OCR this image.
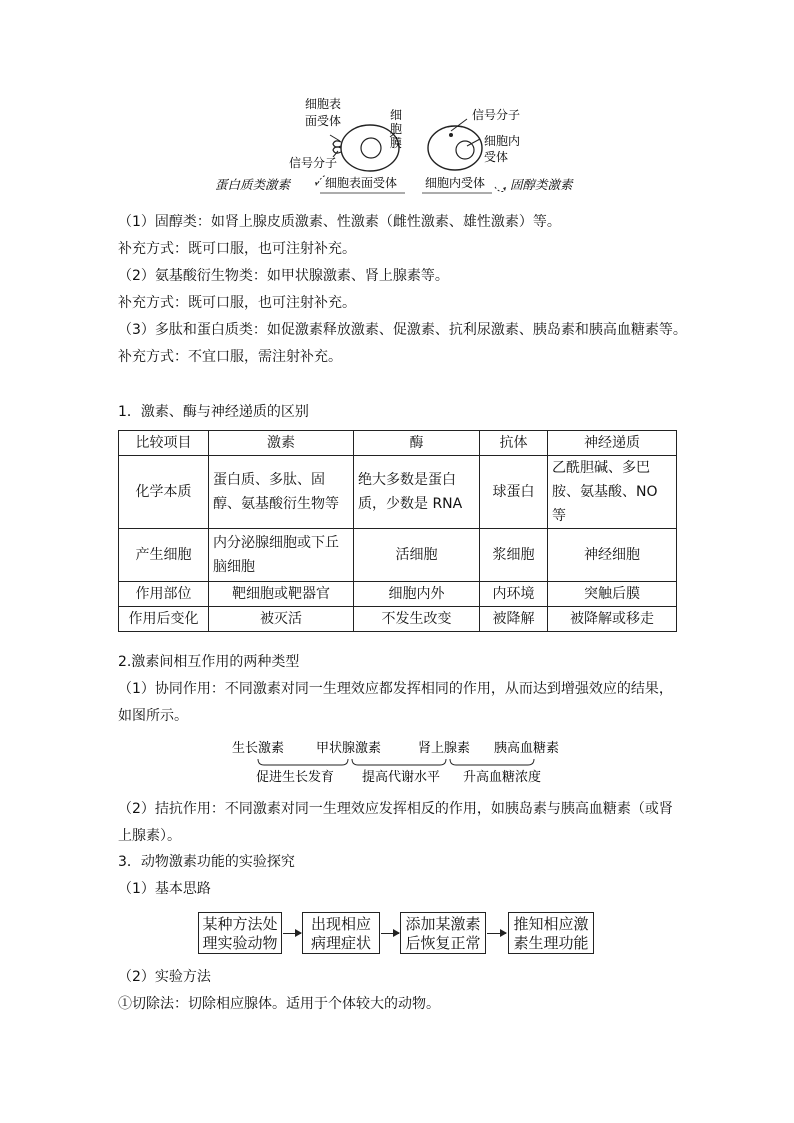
细胞表
面受体	细
胞
膜
信号分子
信号分子
细胞内
受体
蛋白质类激素	细胞表面受体 细胞内受体 固醇类激素
（1）固醇类：如肾上腺皮质激素、性激素（雌性激素、雄性激素）等。
补充方式：既可口服，也可注射补充。
（2）氨基酸衍生物类：如甲状腺激素、肾上腺素等。
补充方式：既可口服，也可注射补充。
（3）多肽和蛋白质类：如促激素释放激素、促激素、抗利尿激素、胰岛素和胰高血糖素等。
补充方式：不宜口服，需注射补充。
1．激素、酶与神经递质的区别
比较项目	激素	酶	抗体	神经递质
化学本质	蛋白质、多肽、固醇、氨基酸衍生物等	绝大多数是蛋白质，少数是 RNA	球蛋白	乙酰胆碱、多巴胺、氨基酸、NO 等
产生细胞	内分泌腺细胞或下丘脑细胞	活细胞	浆细胞	神经细胞
作用部位	靶细胞或靶器官	细胞内外	内环境	突触后膜
作用后变化	被灭活	不发生改变	被降解	被降解或移走
2.激素间相互作用的两种类型
（1）协同作用：不同激素对同一生理效应都发挥相同的作用，从而达到增强效应的结果，
如图所示。
生长激素 甲状腺激素	肾上腺素 胰高血糖素
促进生长发育 提高代谢水平 升高血糖浓度
（2）拮抗作用：不同激素对同一生理效应发挥相反的作用，如胰岛素与胰高血糖素（或肾
上腺素）。
3．动物激素功能的实验探究
（1）基本思路
某种方法处理实验动物
出现相应病理症状
添加某激素后恢复正常
推知相应激素生理功能
（2）实验方法
①切除法：切除相应腺体。适用于个体较大的动物。
